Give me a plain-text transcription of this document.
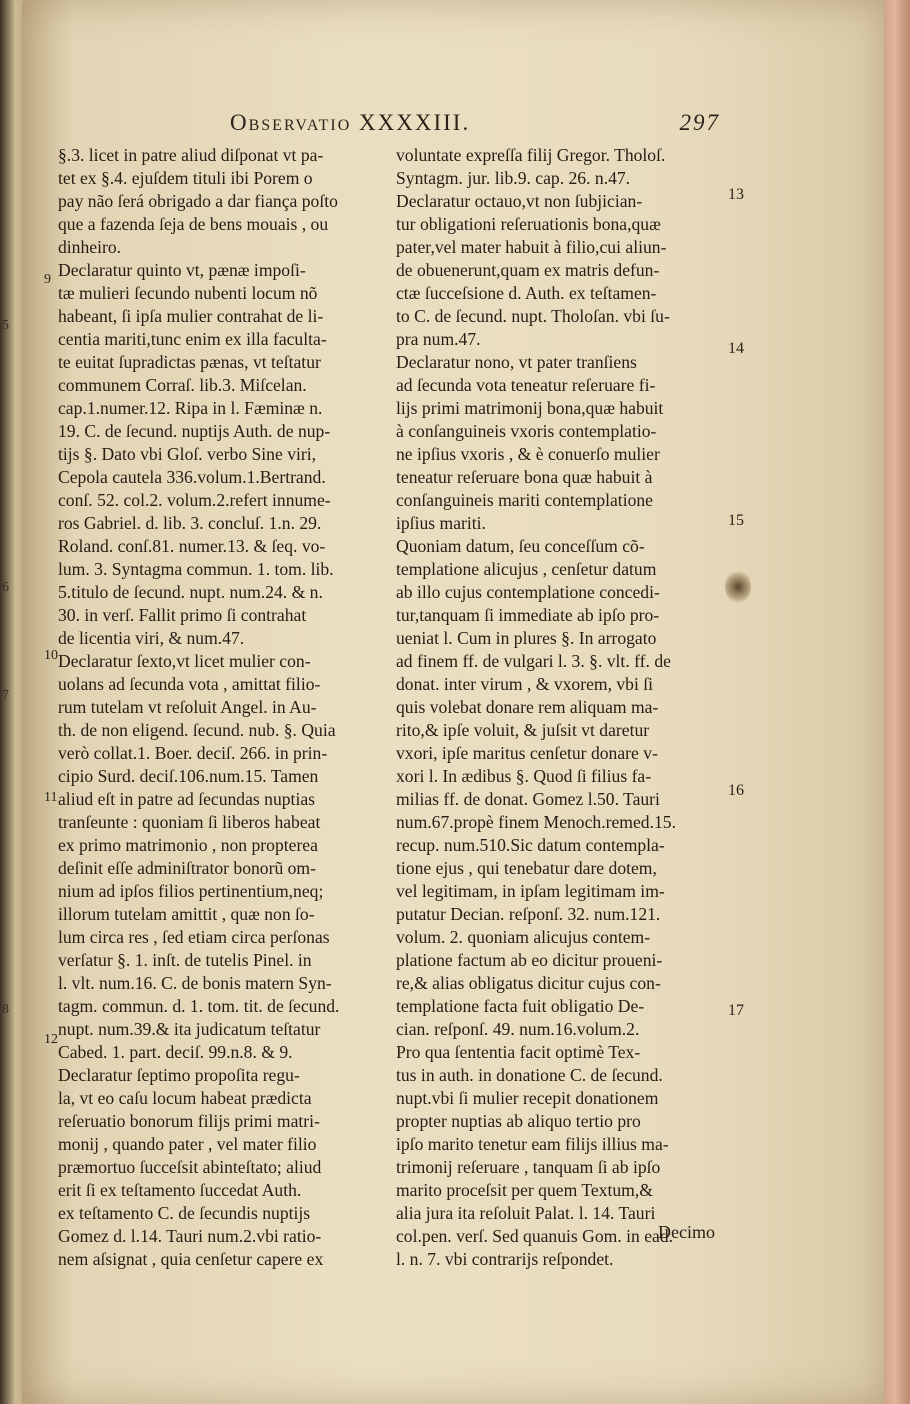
5
6
7
8
Observatio XXXXIII.	297
9
10
11
12
13
14
15
16
17
§.3. licet in patre aliud diſponat vt pa-
tet ex §.4. ejuſdem tituli ibi Porem o
pay não ſerá obrigado a dar fiança poſto
que a fazenda ſeja de bens mouais , ou
dinheiro.
Declaratur quinto vt, pænæ impoſi-
tæ mulieri ſecundo nubenti locum nõ
habeant, ſi ipſa mulier contrahat de li-
centia mariti,tunc enim ex illa faculta-
te euitat ſupradictas pænas, vt teſtatur
communem Corraſ. lib.3. Miſcelan.
cap.1.numer.12. Ripa in l. Fæminæ n.
19. C. de ſecund. nuptijs Auth. de nup-
tijs §. Dato vbi Gloſ. verbo Sine viri,
Cepola cautela 336.volum.1.Bertrand.
conſ. 52. col.2. volum.2.refert innume-
ros Gabriel. d. lib. 3. concluſ. 1.n. 29.
Roland. conſ.81. numer.13. & ſeq. vo-
lum. 3. Syntagma commun. 1. tom. lib.
5.titulo de ſecund. nupt. num.24. & n.
30. in verſ. Fallit primo ſi contrahat
de licentia viri, & num.47.
Declaratur ſexto,vt licet mulier con-
uolans ad ſecunda vota , amittat filio-
rum tutelam vt reſoluit Angel. in Au-
th. de non eligend. ſecund. nub. §. Quia
verò collat.1. Boer. deciſ. 266. in prin-
cipio Surd. deciſ.106.num.15. Tamen
aliud eſt in patre ad ſecundas nuptias
tranſeunte : quoniam ſi liberos habeat
ex primo matrimonio , non propterea
deſinit eſſe adminiſtrator bonorũ om-
nium ad ipſos filios pertinentium,neq;
illorum tutelam amittit , quæ non ſo-
lum circa res , ſed etiam circa perſonas
verſatur §. 1. inſt. de tutelis Pinel. in
l. vlt. num.16. C. de bonis matern Syn-
tagm. commun. d. 1. tom. tit. de ſecund.
nupt. num.39.& ita judicatum teſtatur
Cabed. 1. part. deciſ. 99.n.8. & 9.
Declaratur ſeptimo propoſita regu-
la, vt eo caſu locum habeat prædicta
reſeruatio bonorum filijs primi matri-
monij , quando pater , vel mater filio
præmortuo ſucceſsit abinteſtato; aliud
erit ſi ex teſtamento ſuccedat Auth.
ex teſtamento C. de ſecundis nuptijs
Gomez d. l.14. Tauri num.2.vbi ratio-
nem aſsignat , quia cenſetur capere ex
voluntate expreſſa filij Gregor. Tholoſ.
Syntagm. jur. lib.9. cap. 26. n.47.
Declaratur octauo,vt non ſubjician-
tur obligationi reſeruationis bona,quæ
pater,vel mater habuit à filio,cui aliun-
de obuenerunt,quam ex matris defun-
ctæ ſucceſsione d. Auth. ex teſtamen-
to C. de ſecund. nupt. Tholoſan. vbi ſu-
pra num.47.
Declaratur nono, vt pater tranſiens
ad ſecunda vota teneatur reſeruare fi-
lijs primi matrimonij bona,quæ habuit
à conſanguineis vxoris contemplatio-
ne ipſius vxoris , & è conuerſo mulier
teneatur reſeruare bona quæ habuit à
conſanguineis mariti contemplatione
ipſius mariti.
Quoniam datum, ſeu conceſſum cõ-
templatione alicujus , cenſetur datum
ab illo cujus contemplatione concedi-
tur,tanquam ſi immediate ab ipſo pro-
ueniat l. Cum in plures §. In arrogato
ad finem ff. de vulgari l. 3. §. vlt. ff. de
donat. inter virum , & vxorem, vbi ſi
quis volebat donare rem aliquam ma-
rito,& ipſe voluit, & juſsit vt daretur
vxori, ipſe maritus cenſetur donare v-
xori l. In ædibus §. Quod ſi filius fa-
milias ff. de donat. Gomez l.50. Tauri
num.67.propè finem Menoch.remed.15.
recup. num.510.Sic datum contempla-
tione ejus , qui tenebatur dare dotem,
vel legitimam, in ipſam legitimam im-
putatur Decian. reſponſ. 32. num.121.
volum. 2. quoniam alicujus contem-
platione factum ab eo dicitur proueni-
re,& alias obligatus dicitur cujus con-
templatione facta fuit obligatio De-
cian. reſponſ. 49. num.16.volum.2.
Pro qua ſententia facit optimè Tex-
tus in auth. in donatione C. de ſecund.
nupt.vbi ſi mulier recepit donationem
propter nuptias ab aliquo tertio pro
ipſo marito tenetur eam filijs illius ma-
trimonij reſeruare , tanquam ſi ab ipſo
marito proceſsit per quem Textum,&
alia jura ita reſoluit Palat. l. 14. Tauri
col.pen. verſ. Sed quanuis Gom. in ead.
l. n. 7. vbi contrarijs reſpondet.
Decimo
